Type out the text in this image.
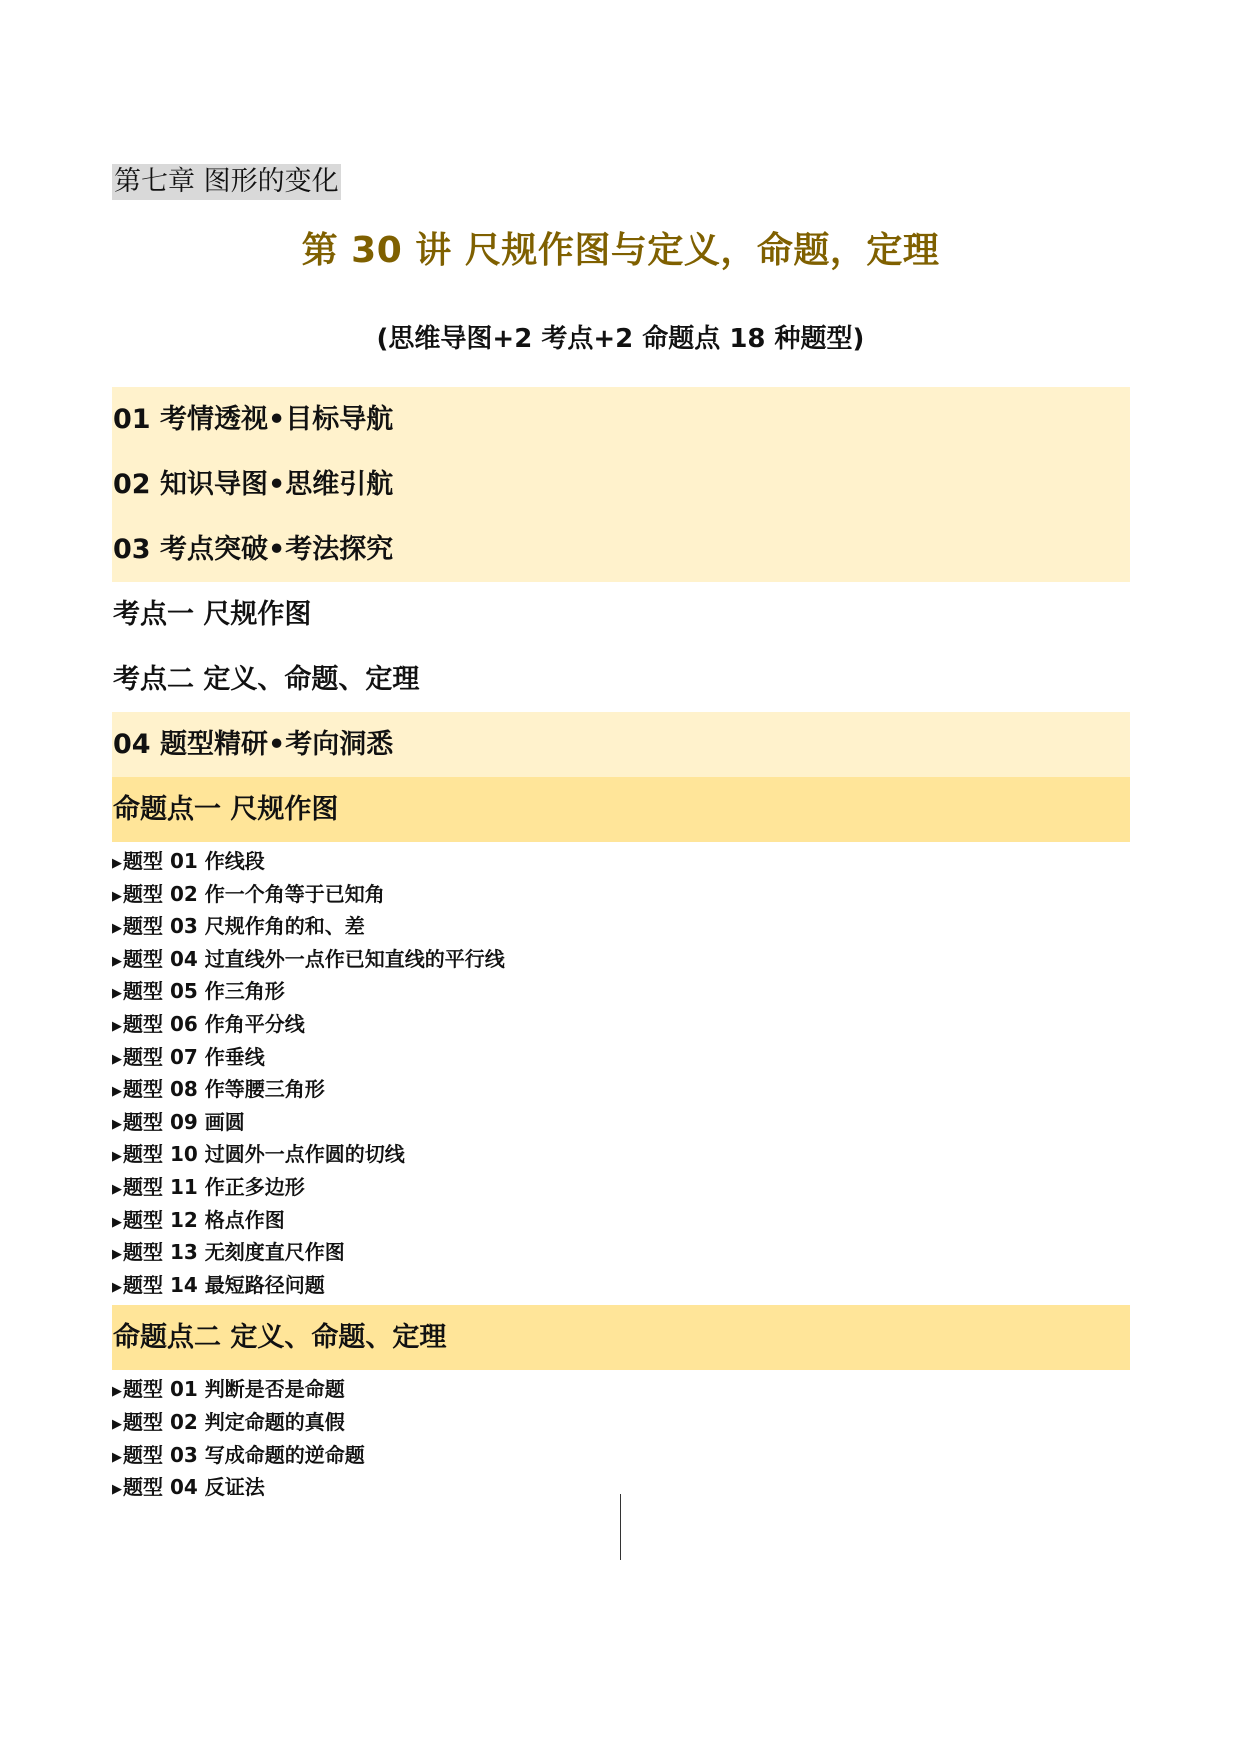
第七章 图形的变化
第 30 讲 尺规作图与定义，命题，定理
(思维导图+2 考点+2 命题点 18 种题型)
01 考情透视•目标导航
02 知识导图•思维引航
03 考点突破•考法探究
考点一 尺规作图
考点二 定义、命题、定理
04 题型精研•考向洞悉
命题点一 尺规作图
▶题型 01 作线段
▶题型 02 作一个角等于已知角
▶题型 03 尺规作角的和、差
▶题型 04 过直线外一点作已知直线的平行线
▶题型 05 作三角形
▶题型 06 作角平分线
▶题型 07 作垂线
▶题型 08 作等腰三角形
▶题型 09 画圆
▶题型 10 过圆外一点作圆的切线
▶题型 11 作正多边形
▶题型 12 格点作图
▶题型 13 无刻度直尺作图
▶题型 14 最短路径问题
命题点二 定义、命题、定理
▶题型 01 判断是否是命题
▶题型 02 判定命题的真假
▶题型 03 写成命题的逆命题
▶题型 04 反证法
